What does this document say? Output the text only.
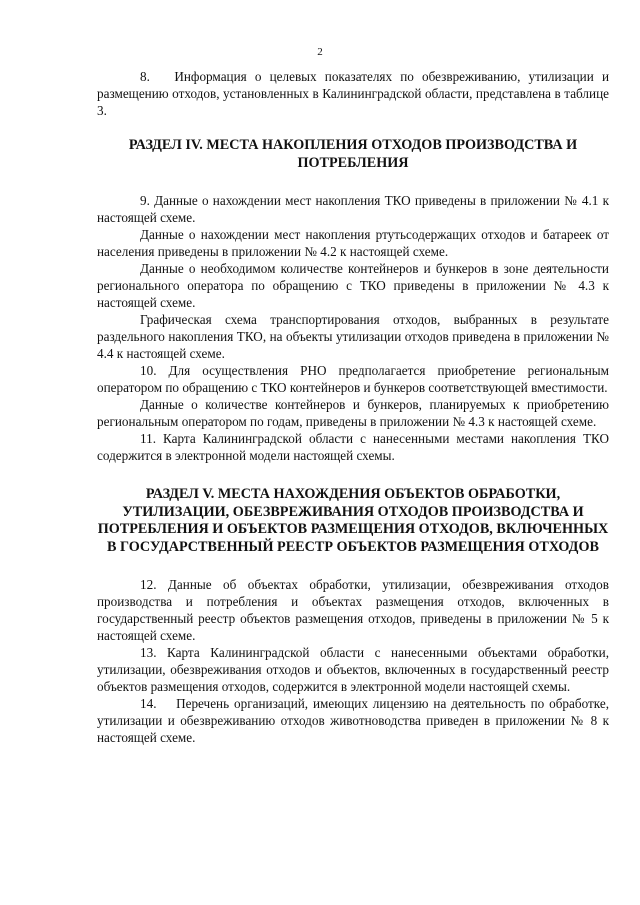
2

8.   Информация о целевых показателях по обезвреживанию, утилизации и размещению отходов, установленных в Калининградской области, представлена в таблице 3.

РАЗДЕЛ IV. МЕСТА НАКОПЛЕНИЯ ОТХОДОВ ПРОИЗВОДСТВА И ПОТРЕБЛЕНИЯ

9. Данные о нахождении мест накопления ТКО приведены в приложении № 4.1 к настоящей схеме.

Данные о нахождении мест накопления ртутьсодержащих отходов и батареек от населения приведены в приложении № 4.2 к настоящей схеме.

Данные о необходимом количестве контейнеров и бункеров в зоне деятельности регионального оператора по обращению с ТКО приведены в приложении № 4.3 к настоящей схеме.

Графическая схема транспортирования отходов, выбранных в результате раздельного накопления ТКО, на объекты утилизации отходов приведена в приложении № 4.4 к настоящей схеме.

10. Для осуществления РНО предполагается приобретение региональным оператором по обращению с ТКО контейнеров и бункеров соответствующей вместимости.

Данные о количестве контейнеров и бункеров, планируемых к приобретению региональным оператором по годам, приведены в приложении № 4.3 к настоящей схеме.

11. Карта Калининградской области с нанесенными местами накопления ТКО содержится в электронной модели настоящей схемы.

РАЗДЕЛ V. МЕСТА НАХОЖДЕНИЯ ОБЪЕКТОВ ОБРАБОТКИ, УТИЛИЗАЦИИ, ОБЕЗВРЕЖИВАНИЯ ОТХОДОВ ПРОИЗВОДСТВА И ПОТРЕБЛЕНИЯ И ОБЪЕКТОВ РАЗМЕЩЕНИЯ ОТХОДОВ, ВКЛЮЧЕННЫХ В ГОСУДАРСТВЕННЫЙ РЕЕСТР ОБЪЕКТОВ РАЗМЕЩЕНИЯ ОТХОДОВ

12. Данные об объектах обработки, утилизации, обезвреживания отходов производства и потребления и объектах размещения отходов, включенных в государственный реестр объектов размещения отходов, приведены в приложении № 5 к настоящей схеме.

13. Карта Калининградской области с нанесенными объектами обработки, утилизации, обезвреживания отходов и объектов, включенных в государственный реестр объектов размещения отходов, содержится в электронной модели настоящей схемы.

14.    Перечень организаций, имеющих лицензию на деятельность по обработке, утилизации и обезвреживанию отходов животноводства приведен в приложении № 8 к настоящей схеме.
